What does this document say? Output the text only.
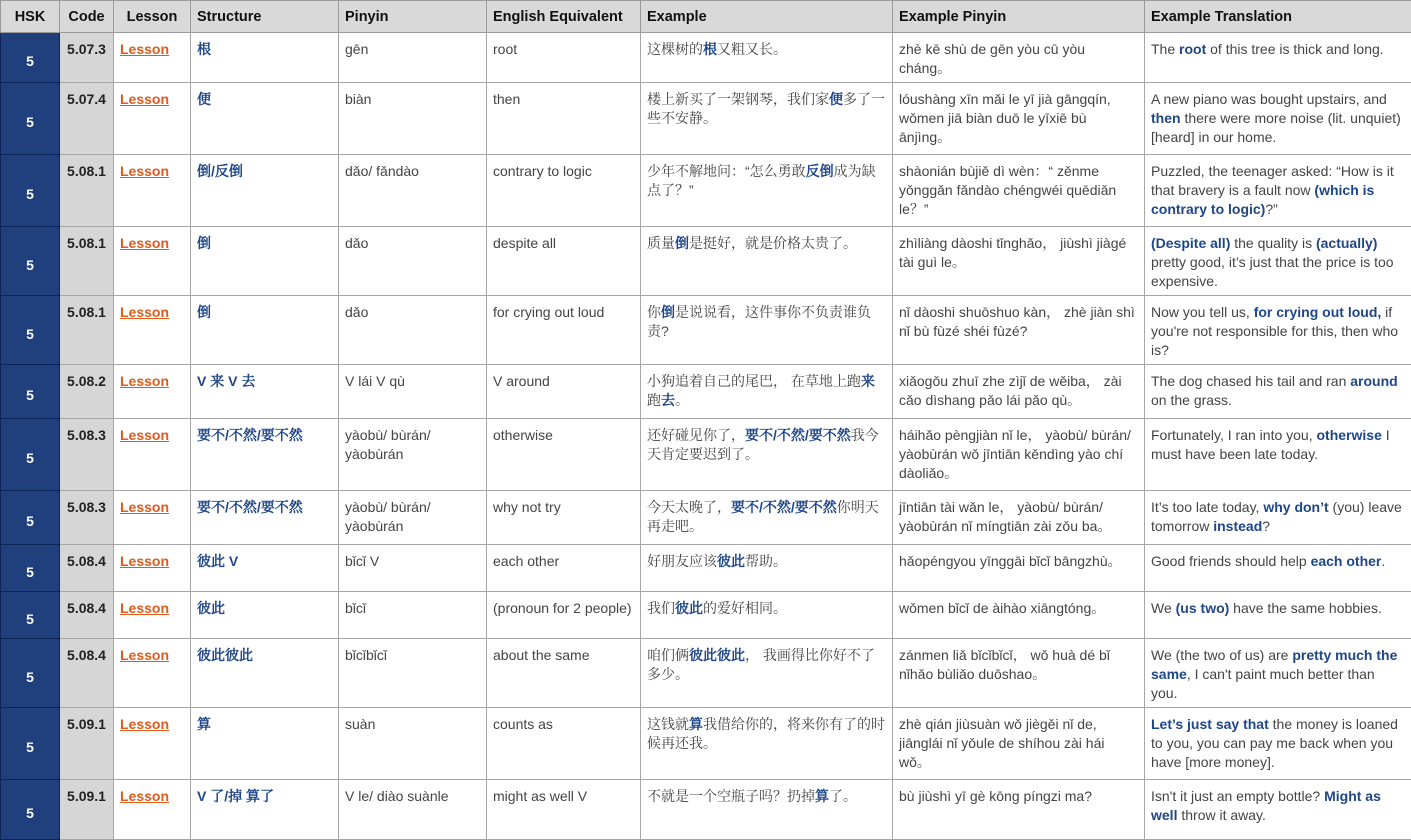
HSK	Code	Lesson	Structure	Pinyin	English Equivalent	Example	Example Pinyin	Example Translation
5	5.07.3	Lesson	根	gēn	root	这棵树的根又粗又长。	zhè kē shù de gēn yòu cū yòu cháng。	The root of this tree is thick and long.
5	5.07.4	Lesson	便	biàn	then	楼上新买了一架钢琴，我们家便多了一些不安静。	lóushàng xīn mǎi le yī jià gāngqín, wǒmen jiā biàn duō le yīxiē bù ānjìng。	A new piano was bought upstairs, and then there were more noise (lit. unquiet) [heard] in our home.
5	5.08.1	Lesson	倒/反倒	dǎo/ fǎndào	contrary to logic	少年不解地问：“怎么勇敢反倒成为缺点了？”	shàonián bùjiě dì wèn：“ zěnme yǒnggǎn fǎndào chéngwéi quēdiǎn le？”	Puzzled, the teenager asked: “How is it that bravery is a fault now (which is contrary to logic)?”
5	5.08.1	Lesson	倒	dǎo	despite all	质量倒是挺好，就是价格太贵了。	zhìliàng dàoshi tǐnghǎo， jiùshì jiàgé tài guì le。	(Despite all) the quality is (actually) pretty good, it’s just that the price is too expensive.
5	5.08.1	Lesson	倒	dǎo	for crying out loud	你倒是说说看，这件事你不负责谁负责?	nǐ dàoshi shuōshuo kàn， zhè jiàn shì nǐ bù fùzé shéi fùzé?	Now you tell us, for crying out loud, if you're not responsible for this, then who is?
5	5.08.2	Lesson	V 来 V 去	V lái V qù	V around	小狗追着自己的尾巴， 在草地上跑来跑去。	xiǎogǒu zhuī zhe zìjǐ de wěiba， zài cǎo dìshang pǎo lái pǎo qù。	The dog chased his tail and ran around on the grass.
5	5.08.3	Lesson	要不/不然/要不然	yàobù/ bùrán/ yàobùrán	otherwise	还好碰见你了，要不/不然/要不然我今天肯定要迟到了。	háihǎo pèngjiàn nǐ le， yàobù/ bùrán/ yàobùrán wǒ jīntiān kěndìng yào chí dàoliǎo。	Fortunately, I ran into you, otherwise I must have been late today.
5	5.08.3	Lesson	要不/不然/要不然	yàobù/ bùrán/ yàobùrán	why not try	今天太晚了，要不/不然/要不然你明天再走吧。	jīntiān tài wǎn le， yàobù/ bùrán/ yàobùrán nǐ míngtiān zài zǒu ba。	It’s too late today, why don’t (you) leave tomorrow instead?
5	5.08.4	Lesson	彼此 V	bǐcǐ V	each other	好朋友应该彼此帮助。	hǎopéngyou yīnggāi bǐcǐ bāngzhù。	Good friends should help each other.
5	5.08.4	Lesson	彼此	bǐcǐ	(pronoun for 2 people)	我们彼此的爱好相同。	wǒmen bǐcǐ de àihào xiāngtóng。	We (us two) have the same hobbies.
5	5.08.4	Lesson	彼此彼此	bǐcǐbǐcǐ	about the same	咱们俩彼此彼此， 我画得比你好不了多少。	zánmen liǎ bǐcǐbǐcǐ， wǒ huà dé bǐ nǐhǎo bùliǎo duōshao。	We (the two of us) are pretty much the same, I can't paint much better than you.
5	5.09.1	Lesson	算	suàn	counts as	这钱就算我借给你的，将来你有了的时候再还我。	zhè qián jiùsuàn wǒ jiègěi nǐ de, jiānglái nǐ yǒule de shíhou zài hái wǒ。	Let’s just say that the money is loaned to you, you can pay me back when you have [more money].
5	5.09.1	Lesson	V 了/掉 算了	V le/ diào suànle	might as well V	不就是一个空瓶子吗？扔掉算了。	bù jiùshì yī gè kōng píngzi ma?	Isn't it just an empty bottle? Might as well throw it away.
